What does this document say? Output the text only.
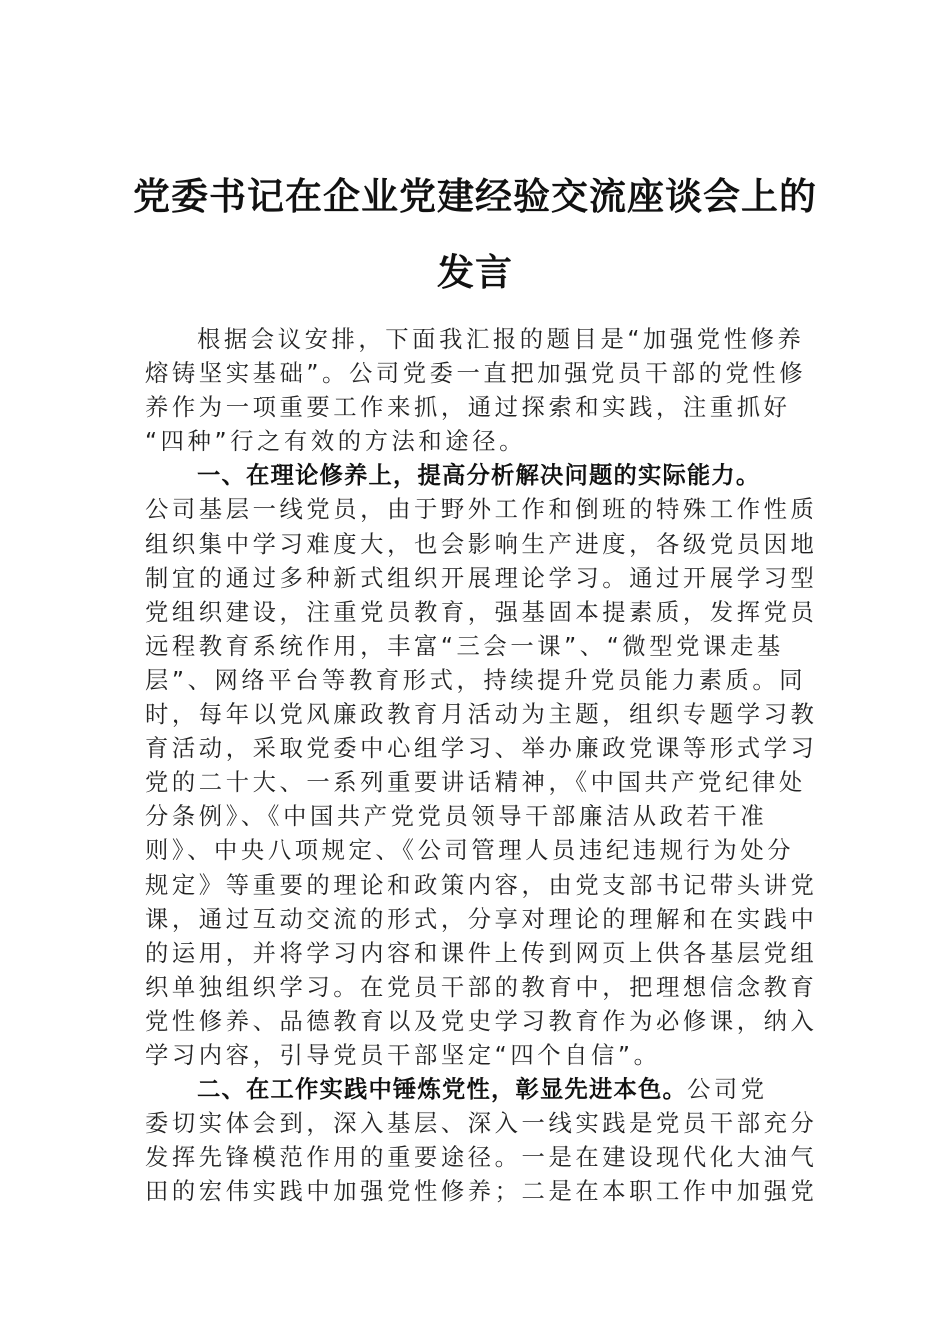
党委书记在企业党建经验交流座谈会上的
发言
根据会议安排，下面我汇报的题目是“加强党性修养
熔铸坚实基础”。公司党委一直把加强党员干部的党性修
养作为一项重要工作来抓，通过探索和实践，注重抓好
“四种”行之有效的方法和途径。
一、在理论修养上，提高分析解决问题的实际能力。
公司基层一线党员，由于野外工作和倒班的特殊工作性质
组织集中学习难度大，也会影响生产进度，各级党员因地
制宜的通过多种新式组织开展理论学习。通过开展学习型
党组织建设，注重党员教育，强基固本提素质，发挥党员
远程教育系统作用，丰富“三会一课”、“微型党课走基
层”、网络平台等教育形式，持续提升党员能力素质。同
时，每年以党风廉政教育月活动为主题，组织专题学习教
育活动，采取党委中心组学习、举办廉政党课等形式学习
党的二十大、一系列重要讲话精神，《中国共产党纪律处
分条例》、《中国共产党党员领导干部廉洁从政若干准
则》、中央八项规定、《公司管理人员违纪违规行为处分
规定》等重要的理论和政策内容，由党支部书记带头讲党
课，通过互动交流的形式，分享对理论的理解和在实践中
的运用，并将学习内容和课件上传到网页上供各基层党组
织单独组织学习。在党员干部的教育中，把理想信念教育
党性修养、品德教育以及党史学习教育作为必修课，纳入
学习内容，引导党员干部坚定“四个自信”。
二、在工作实践中锤炼党性，彰显先进本色。公司党
委切实体会到，深入基层、深入一线实践是党员干部充分
发挥先锋模范作用的重要途径。一是在建设现代化大油气
田的宏伟实践中加强党性修养；二是在本职工作中加强党
